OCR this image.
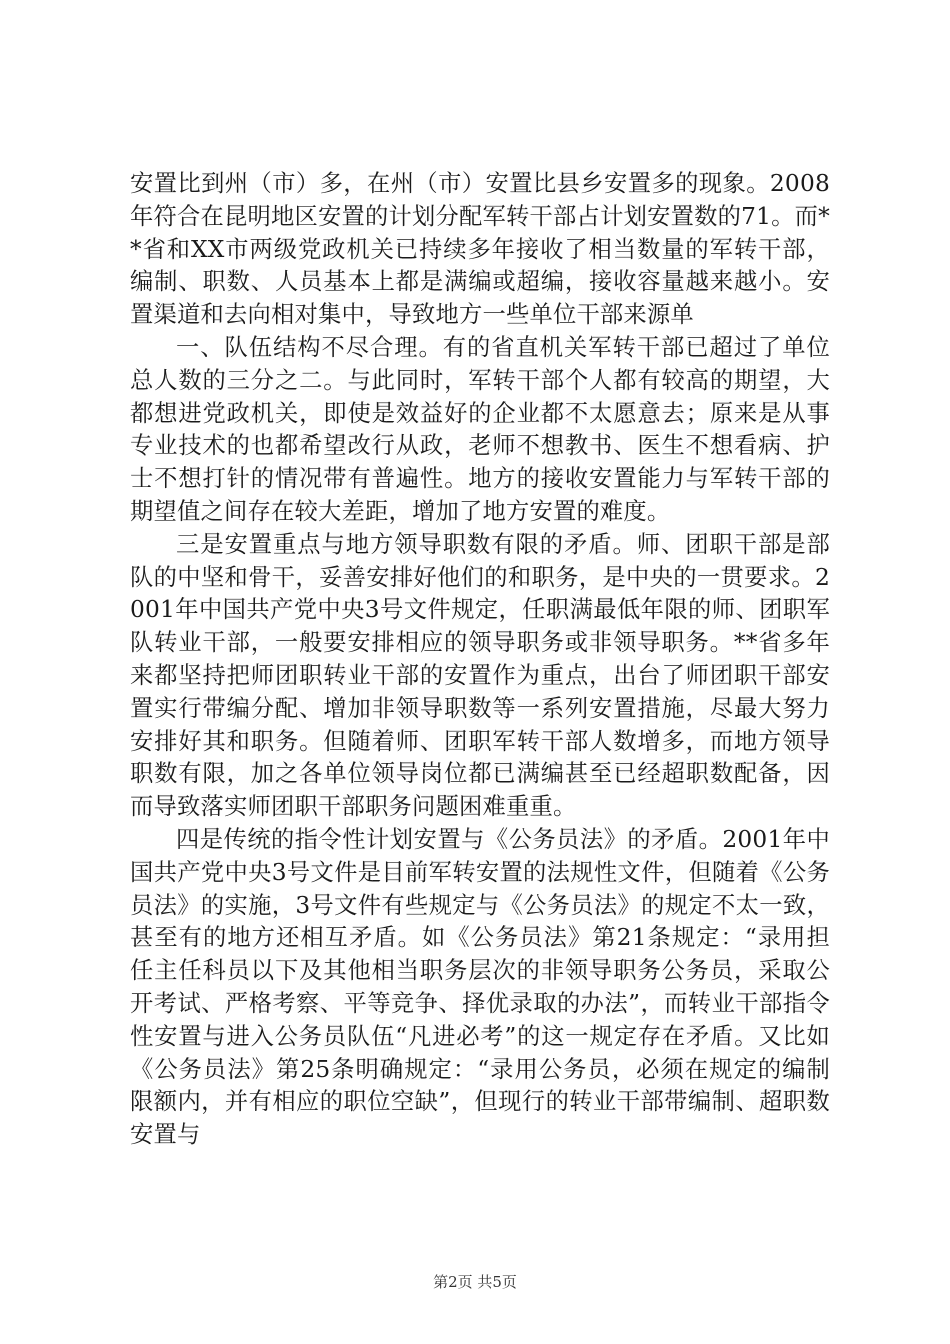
安置比到州（市）多，在州（市）安置比县乡安置多的现象。2008年符合在昆明地区安置的计划分配军转干部占计划安置数的71。而**省和XX市两级党政机关已持续多年接收了相当数量的军转干部，编制、职数、人员基本上都是满编或超编，接收容量越来越小。安置渠道和去向相对集中，导致地方一些单位干部来源单

一、队伍结构不尽合理。有的省直机关军转干部已超过了单位总人数的三分之二。与此同时，军转干部个人都有较高的期望，大都想进党政机关，即使是效益好的企业都不太愿意去；原来是从事专业技术的也都希望改行从政，老师不想教书、医生不想看病、护士不想打针的情况带有普遍性。地方的接收安置能力与军转干部的期望值之间存在较大差距，增加了地方安置的难度。

三是安置重点与地方领导职数有限的矛盾。师、团职干部是部队的中坚和骨干，妥善安排好他们的和职务，是中央的一贯要求。2001年中国共产党中央3号文件规定，任职满最低年限的师、团职军队转业干部，一般要安排相应的领导职务或非领导职务。**省多年来都坚持把师团职转业干部的安置作为重点，出台了师团职干部安置实行带编分配、增加非领导职数等一系列安置措施，尽最大努力安排好其和职务。但随着师、团职军转干部人数增多，而地方领导职数有限，加之各单位领导岗位都已满编甚至已经超职数配备，因而导致落实师团职干部职务问题困难重重。

四是传统的指令性计划安置与《公务员法》的矛盾。2001年中国共产党中央3号文件是目前军转安置的法规性文件，但随着《公务员法》的实施，3号文件有些规定与《公务员法》的规定不太一致，甚至有的地方还相互矛盾。如《公务员法》第21条规定：“录用担任主任科员以下及其他相当职务层次的非领导职务公务员，采取公开考试、严格考察、平等竞争、择优录取的办法”，而转业干部指令性安置与进入公务员队伍“凡进必考”的这一规定存在矛盾。又比如《公务员法》第25条明确规定：“录用公务员，必须在规定的编制限额内，并有相应的职位空缺”，但现行的转业干部带编制、超职数安置与

第2页 共5页
